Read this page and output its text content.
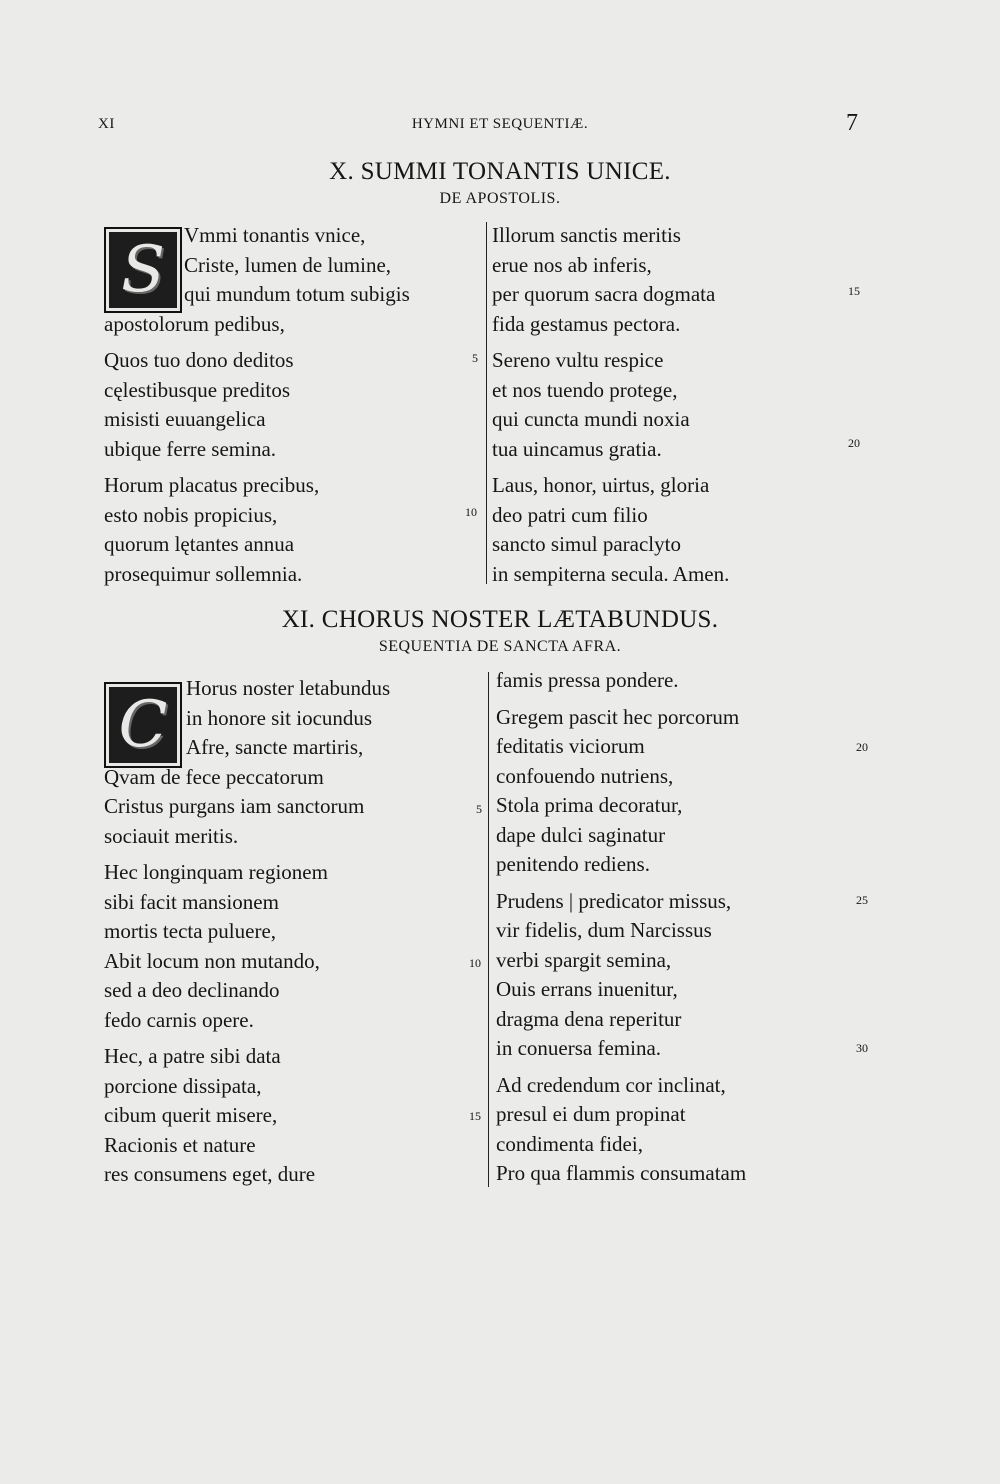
XI	HYMNI ET SEQUENTIÆ.	7
X. SUMMI TONANTIS UNICE.
DE APOSTOLIS.
S Vmmi tonantis vnice,
Criste, lumen de lumine,
qui mundum totum subigis
apostolorum pedibus,
Quos tuo dono deditos
cęlestibusque preditos
misisti euuangelica
ubique ferre semina.
Horum placatus precibus,
esto nobis propicius,
quorum lętantes annua
prosequimur sollemnia.
Illorum sanctis meritis
erue nos ab inferis,
per quorum sacra dogmata
fida gestamus pectora.
Sereno vultu respice
et nos tuendo protege,
qui cuncta mundi noxia
tua uincamus gratia.
Laus, honor, uirtus, gloria
deo patri cum filio
sancto simul paraclyto
in sempiterna secula. Amen.
5
10
15
20
XI. CHORUS NOSTER LÆTABUNDUS.
SEQUENTIA DE SANCTA AFRA.
C Horus noster letabundus
in honore sit iocundus
Afre, sancte martiris,
Qvam de fece peccatorum
Cristus purgans iam sanctorum
sociauit meritis.
Hec longinquam regionem
sibi facit mansionem
mortis tecta puluere,
Abit locum non mutando,
sed a deo declinando
fedo carnis opere.
Hec, a patre sibi data
porcione dissipata,
cibum querit misere,
Racionis et nature
res consumens eget, dure
famis pressa pondere.
Gregem pascit hec porcorum
feditatis viciorum
confouendo nutriens,
Stola prima decoratur,
dape dulci saginatur
penitendo rediens.
Prudens | predicator missus,
vir fidelis, dum Narcissus
verbi spargit semina,
Ouis errans inuenitur,
dragma dena reperitur
in conuersa femina.
Ad credendum cor inclinat,
presul ei dum propinat
condimenta fidei,
Pro qua flammis consumatam
5
10
15
20
25
30
